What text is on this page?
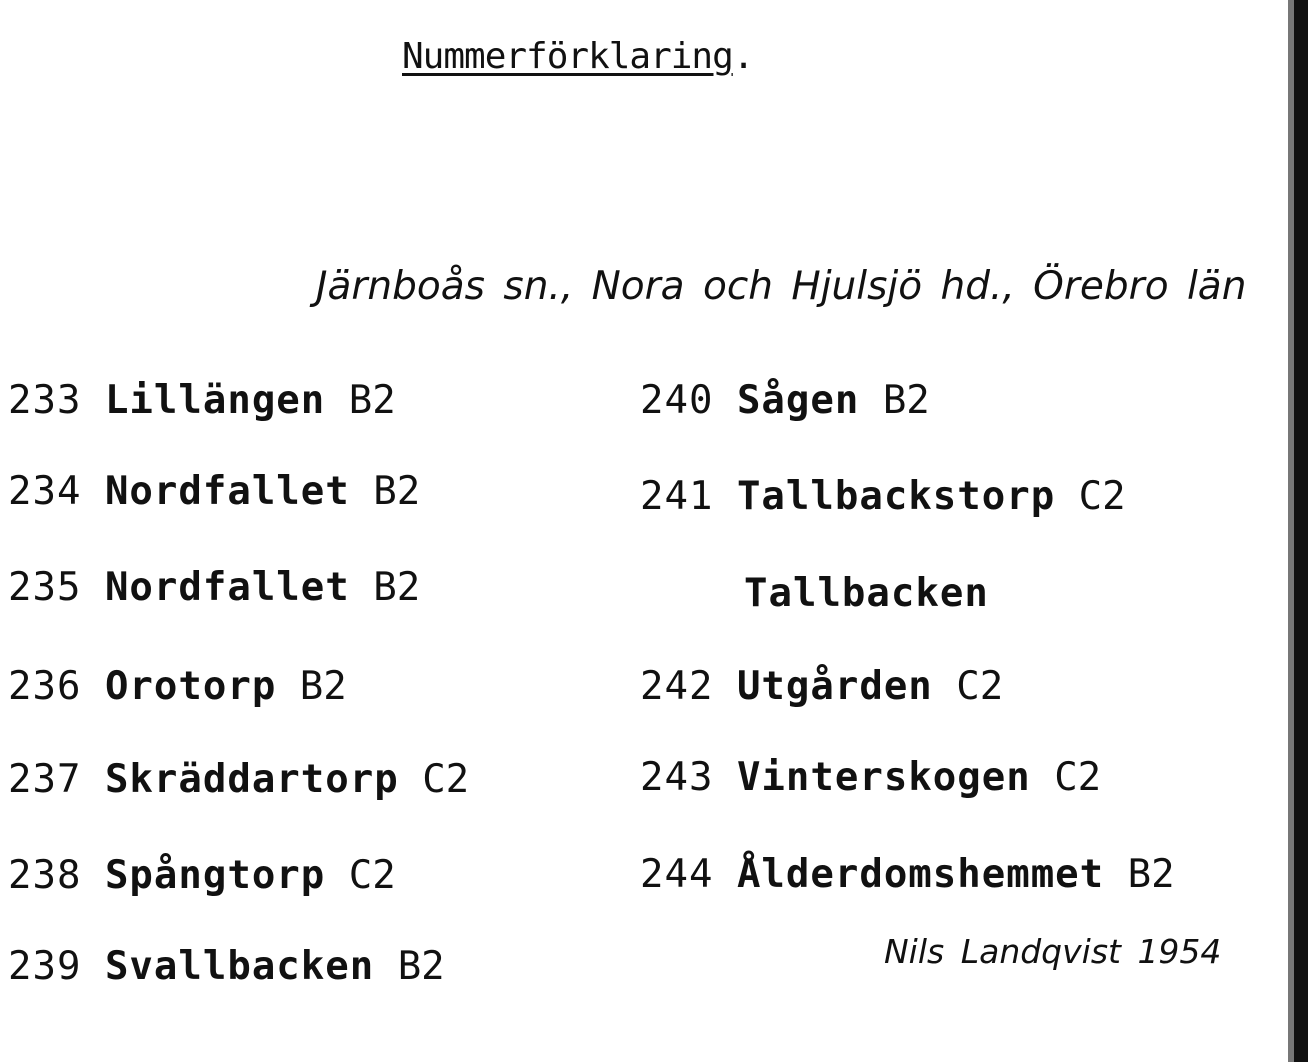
Nummerförklaring.
Järnboås sn., Nora och Hjulsjö hd., Örebro län
233 Lillängen B2
234 Nordfallet B2
235 Nordfallet B2
236 Orotorp B2
237 Skräddartorp C2
238 Spångtorp C2
239 Svallbacken B2
240 Sågen B2
241 Tallbackstorp C2
Tallbacken
242 Utgården C2
243 Vinterskogen C2
244 Ålderdomshemmet B2
Nils Landqvist 1954
